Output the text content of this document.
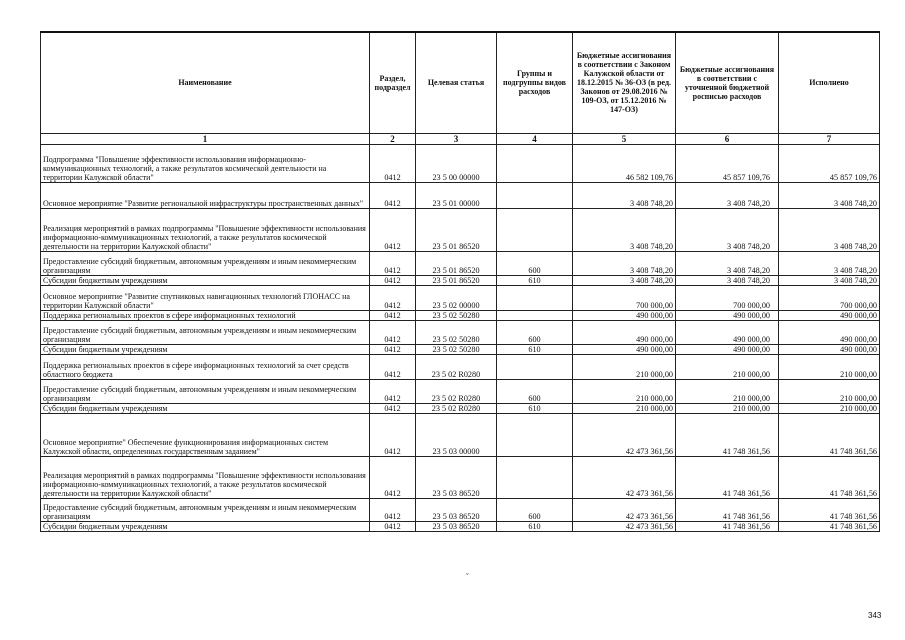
Наименование	Раздел, подраздел	Целевая статья	Группы и подгруппы видов расходов	Бюджетные ассигнования в соответствии с Законом Калужской области от 18.12.2015 № 36-ОЗ (в ред. Законов от 29.08.2016 № 109-ОЗ, от 15.12.2016 № 147-ОЗ)	Бюджетные ассигнования в соответствии с уточненной бюджетной росписью расходов	Исполнено
1	2	3	4	5	6	7
Подпрограмма "Повышение эффективности использования информационно-коммуникационных технологий, а также результатов космической деятельности на территории Калужской области"	0412	23 5 00 00000		46 582 109,76	45 857 109,76	45 857 109,76
Основное мероприятие "Развитие региональной инфраструктуры пространственных данных"	0412	23 5 01 00000		3 408 748,20	3 408 748,20	3 408 748,20
Реализация мероприятий в рамках подпрограммы "Повышение эффективности использования информационно-коммуникационных технологий, а также результатов космической деятельности на территории Калужской области"	0412	23 5 01 86520		3 408 748,20	3 408 748,20	3 408 748,20
Предоставление субсидий бюджетным, автономным учреждениям и иным некоммерческим организациям	0412	23 5 01 86520	600	3 408 748,20	3 408 748,20	3 408 748,20
Субсидии бюджетным учреждениям	0412	23 5 01 86520	610	3 408 748,20	3 408 748,20	3 408 748,20
Основное мероприятие "Развитие спутниковых навигационных технологий ГЛОНАСС на территории Калужской области"	0412	23 5 02 00000		700 000,00	700 000,00	700 000,00
Поддержка региональных проектов в сфере информационных технологий	0412	23 5 02 50280		490 000,00	490 000,00	490 000,00
Предоставление субсидий бюджетным, автономным учреждениям и иным некоммерческим организациям	0412	23 5 02 50280	600	490 000,00	490 000,00	490 000,00
Субсидии бюджетным учреждениям	0412	23 5 02 50280	610	490 000,00	490 000,00	490 000,00
Поддержка региональных проектов в сфере информационных технологий за счет средств областного бюджета	0412	23 5 02 R0280		210 000,00	210 000,00	210 000,00
Предоставление субсидий бюджетным, автономным учреждениям и иным некоммерческим организациям	0412	23 5 02 R0280	600	210 000,00	210 000,00	210 000,00
Субсидии бюджетным учреждениям	0412	23 5 02 R0280	610	210 000,00	210 000,00	210 000,00
Основное мероприятие" Обеспечение функционирования информационных систем Калужской области, определенных государственным заданием"	0412	23 5 03 00000		42 473 361,56	41 748 361,56	41 748 361,56
Реализация мероприятий в рамках подпрограммы "Повышение эффективности использования информационно-коммуникационных технологий, а также результатов космической деятельности на территории Калужской области"	0412	23 5 03 86520		42 473 361,56	41 748 361,56	41 748 361,56
Предоставление субсидий бюджетным, автономным учреждениям и иным некоммерческим организациям	0412	23 5 03 86520	600	42 473 361,56	41 748 361,56	41 748 361,56
Субсидии бюджетным учреждениям	0412	23 5 03 86520	610	42 473 361,56	41 748 361,56	41 748 361,56
ˇ
343
